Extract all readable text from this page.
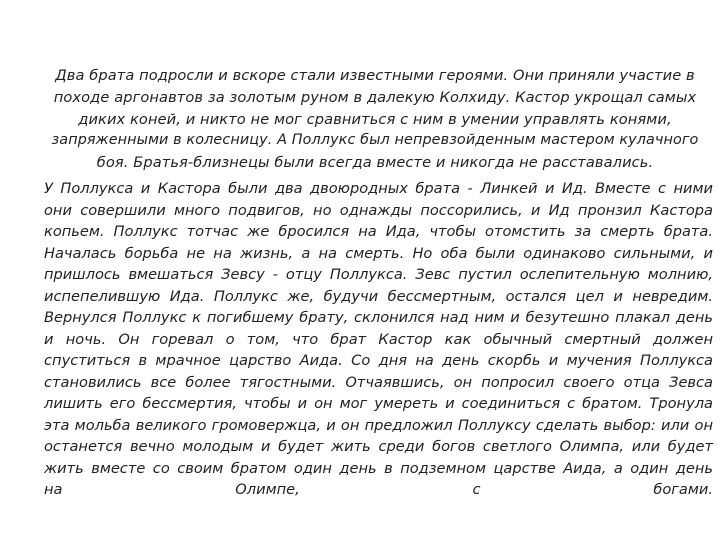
Два брата подросли и вскоре стали известными героями. Они приняли участие в
походе аргонавтов за золотым руном в далекую Колхиду. Кастор укрощал самых
диких коней, и никто не мог сравниться с ним в умении управлять конями,
запряженными в колесницу. А Поллукс был непревзойденным мастером кулачного
боя. Братья-близнецы были всегда вместе и никогда не расставались.
У Поллукса и Кастора были два двоюродных брата - Линкей и Ид. Вместе с ними
они совершили много подвигов, но однажды поссорились, и Ид пронзил Кастора
копьем. Поллукс тотчас же бросился на Ида, чтобы отомстить за смерть брата.
Началась борьба не на жизнь, а на смерть. Но оба были одинаково сильными, и
пришлось вмешаться Зевсу - отцу Поллукса. Зевс пустил ослепительную молнию,
испепелившую Ида. Поллукс же, будучи бессмертным, остался цел и невредим.
Вернулся Поллукс к погибшему брату, склонился над ним и безутешно плакал день
и ночь. Он горевал о том, что брат Кастор как обычный смертный должен
спуститься в мрачное царство Аида. Со дня на день скорбь и мучения Поллукса
становились все более тягостными. Отчаявшись, он попросил своего отца Зевса
лишить его бессмертия, чтобы и он мог умереть и соединиться с братом. Тронула
эта мольба великого громовержца, и он предложил Поллуксу сделать выбор: или он
останется вечно молодым и будет жить среди богов светлого Олимпа, или будет
жить вместе со своим братом один день в подземном царстве Аида, а один день
на Олимпе, с богами.
